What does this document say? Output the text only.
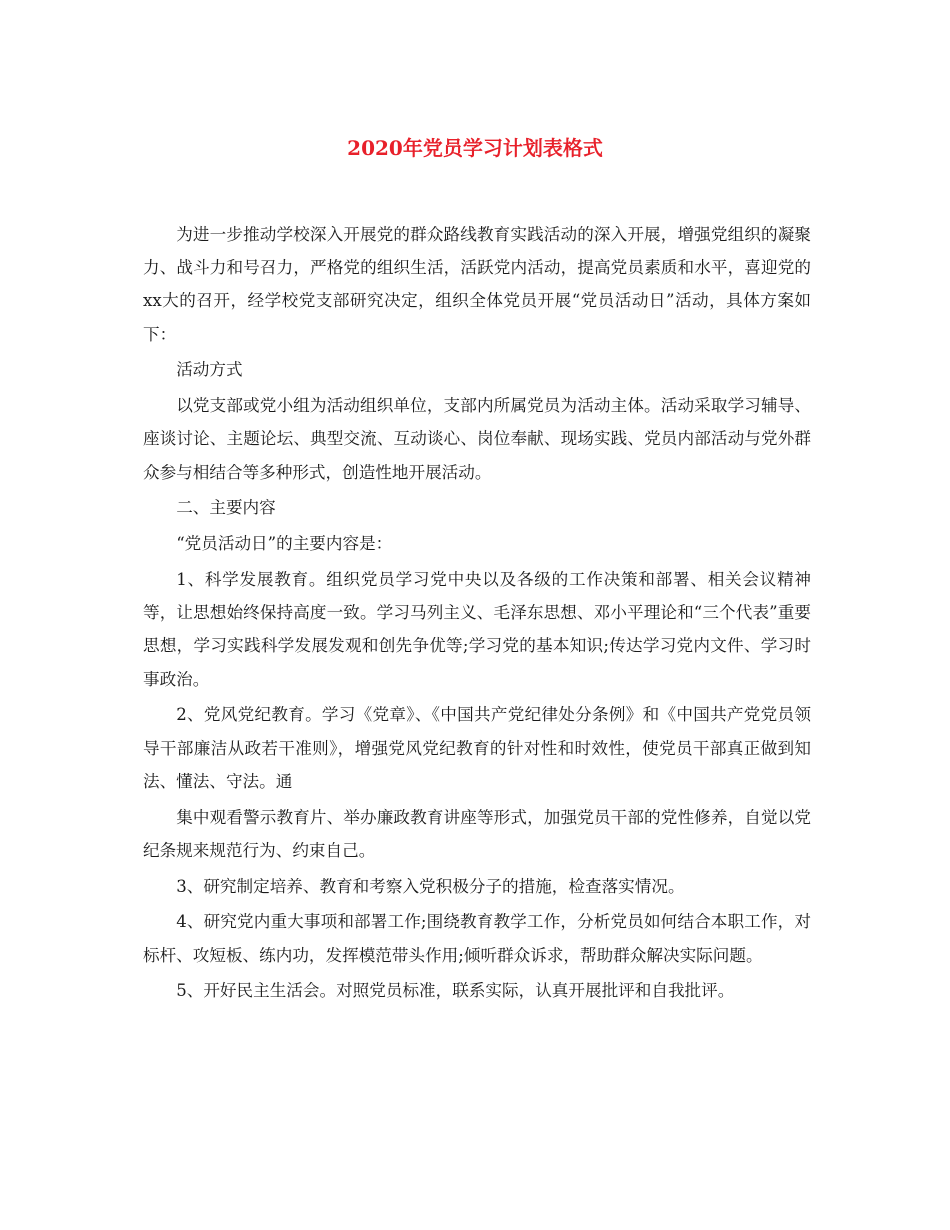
2020年党员学习计划表格式

为进一步推动学校深入开展党的群众路线教育实践活动的深入开展，增强党组织的凝聚力、战斗力和号召力，严格党的组织生活，活跃党内活动，提高党员素质和水平，喜迎党的xx大的召开，经学校党支部研究决定，组织全体党员开展“党员活动日”活动，具体方案如下：

活动方式

以党支部或党小组为活动组织单位，支部内所属党员为活动主体。活动采取学习辅导、座谈讨论、主题论坛、典型交流、互动谈心、岗位奉献、现场实践、党员内部活动与党外群众参与相结合等多种形式，创造性地开展活动。

二、主要内容

“党员活动日”的主要内容是：

1、科学发展教育。组织党员学习党中央以及各级的工作决策和部署、相关会议精神等，让思想始终保持高度一致。学习马列主义、毛泽东思想、邓小平理论和“三个代表”重要思想，学习实践科学发展发观和创先争优等;学习党的基本知识;传达学习党内文件、学习时事政治。

2、党风党纪教育。学习《党章》、《中国共产党纪律处分条例》和《中国共产党党员领导干部廉洁从政若干准则》，增强党风党纪教育的针对性和时效性，使党员干部真正做到知法、懂法、守法。通

集中观看警示教育片、举办廉政教育讲座等形式，加强党员干部的党性修养，自觉以党纪条规来规范行为、约束自己。

3、研究制定培养、教育和考察入党积极分子的措施，检查落实情况。

4、研究党内重大事项和部署工作;围绕教育教学工作，分析党员如何结合本职工作，对标杆、攻短板、练内功，发挥模范带头作用;倾听群众诉求，帮助群众解决实际问题。

5、开好民主生活会。对照党员标准，联系实际，认真开展批评和自我批评。
